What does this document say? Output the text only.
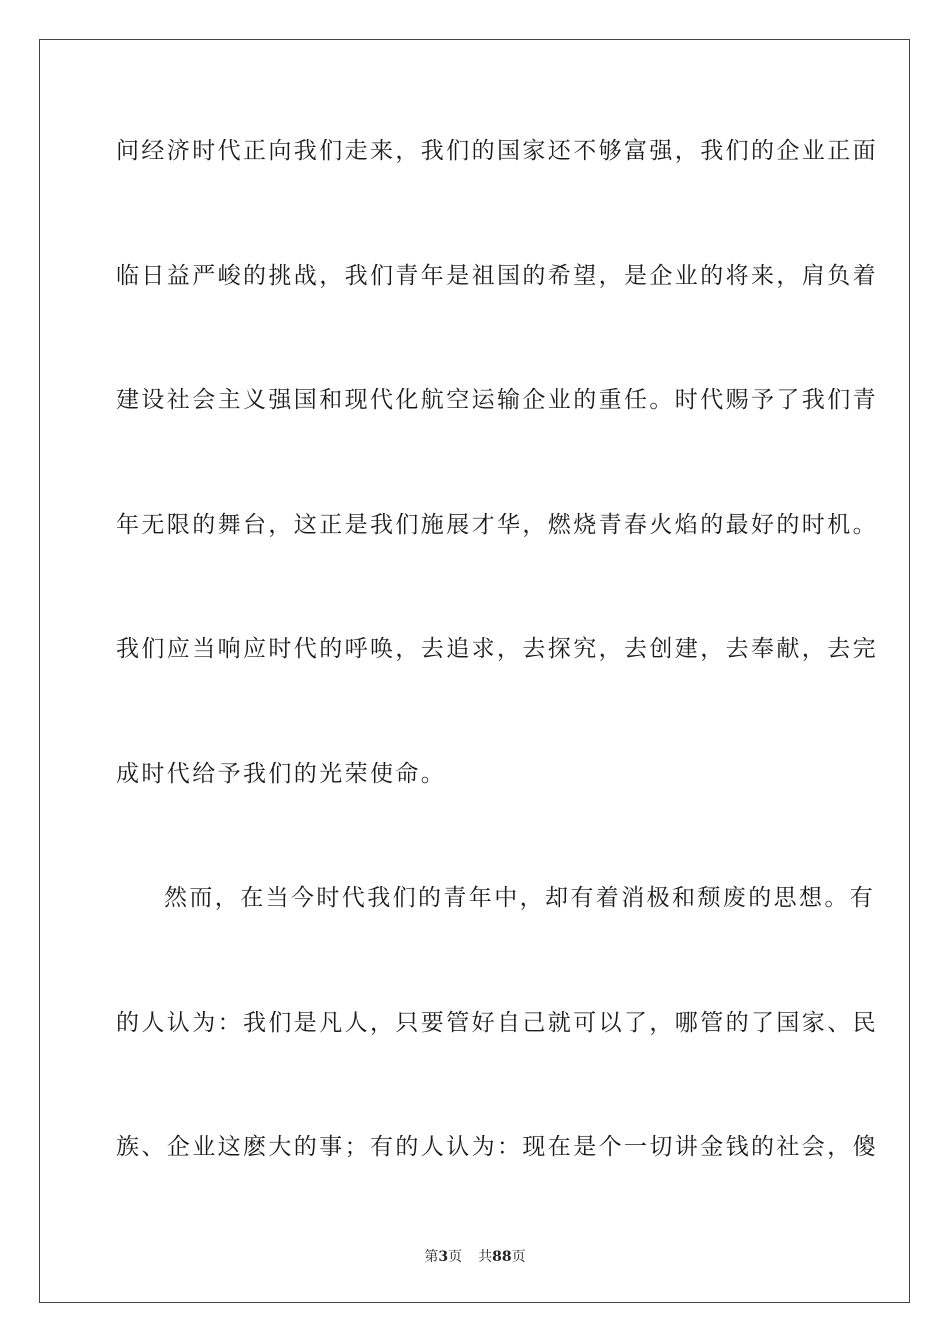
问经济时代正向我们走来，我们的国家还不够富强，我们的企业正面
临日益严峻的挑战，我们青年是祖国的希望，是企业的将来，肩负着
建设社会主义强国和现代化航空运输企业的重任。时代赐予了我们青
年无限的舞台，这正是我们施展才华，燃烧青春火焰的最好的时机。
我们应当响应时代的呼唤，去追求，去探究，去创建，去奉献，去完
成时代给予我们的光荣使命。
然而，在当今时代我们的青年中，却有着消极和颓废的思想。有
的人认为：我们是凡人，只要管好自己就可以了，哪管的了国家、民
族、企业这麽大的事；有的人认为：现在是个一切讲金钱的社会，傻
第3页 共88页
